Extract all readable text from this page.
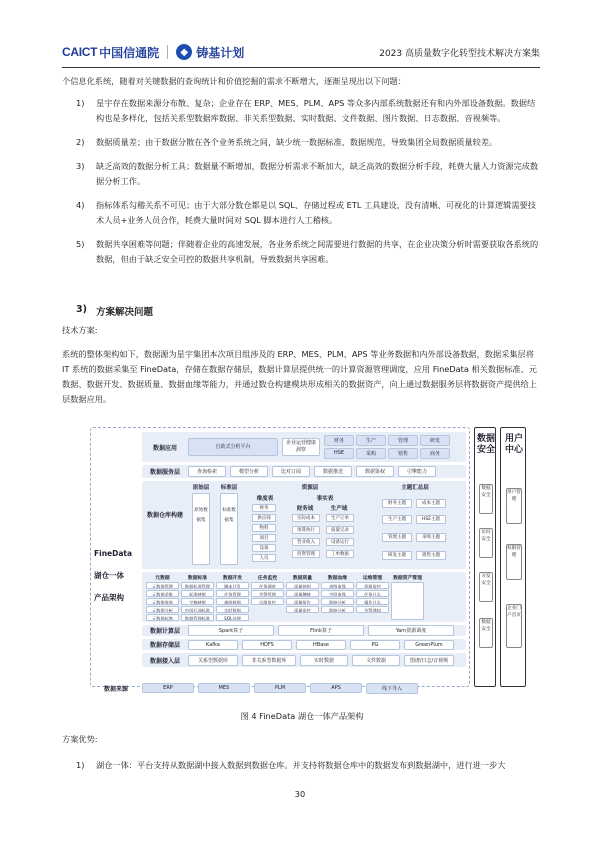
CAICT 中国信通院	◆ 铸基计划	2023 高质量数字化转型技术解决方案集
个信息化系统，随着对关键数据的查询统计和价值挖掘的需求不断增大，逐渐呈现出以下问题：
1)	星宇存在数据来源分布散、复杂；企业存在 ERP、MES、PLM、APS 等众多内部系统数据还有和内外部设备数据。数据结构也是多样化，包括关系型数据库数据、非关系型数据、实时数据、文件数据、图片数据、日志数据、音视频等。
2)	数据质量差；由于数据分散在各个业务系统之间，缺少统一数据标准、数据规范，导致集团全局数据质量较差。
3)	缺乏高效的数据分析工具；数据量不断增加，数据分析需求不断加大，缺乏高效的数据分析手段，耗费大量人力资源完成数据分析工作。
4)	指标体系勾稽关系不可见；由于大部分数仓都是以 SQL、存储过程或 ETL 工具建设，没有清晰、可视化的计算逻辑需要技术人员+业务人员合作，耗费大量时间对 SQL 脚本进行人工稽核。
5)	数据共享困难等问题；伴随着企业的高速发展，各业务系统之间需要进行数据的共享，在企业决策分析时需要获取各系统的数据，但由于缺乏安全可控的数据共享机制，导致数据共享困难。
3) 方案解决问题
技术方案:
系统的整体架构如下，数据源为星宇集团本次项目组涉及的 ERP、MES、PLM、APS 等业务数据和内外部设备数据，数据采集层将 IT 系统的数据采集至 FineData，存储在数据存储层，数据计算层提供统一的计算资源管理调度，应用 FineData 相关数据标准、元数据、数据开发、数据质量、数据血缘等能力，并通过数仓构建模块形成相关的数据资产，向上通过数据服务层将数据资产提供给上层数据应用。
FineData
湖仓一体
产品架构
数据应用	自助式分析平台
企业运营健康洞察
财务	生产	管理	研发
HSE	采购	销售	商务
数据服务层	查询检索	模型分析	比对订阅	数据推送	数据鉴权	引擎能力
数据仓库构建
原始层	标准层	资源层	主题汇总层
原始数据集
标准数据集
维度表
财务
供应商
物料
项目
设备
人员
事实表
财务域	生产域
实际成本
预算执行
营业收入
投资管理
生产订单
质量记录
设备运行
工单数据
财务主题	成本主题
生产主题	HSE主题
管理主题	采购主题
研发主题	销售主题
数据计算层	Spark算子	Flink算子	Yarn资源调度
数据存储层	Kafka	HDFS	HBase	PG	GreenPlum
数据接入层	关系型数据库	非关系型数据库	实时数据	文件数据	图谱/日志/音视频
数据安全
数据安全
访问安全
分发安全
数据安全
用户中心
用户管理
权限管理
企业门户首页
数据来源	ERP	MES	PLM	APS	线下导入
元数据
元数据管理
元数据采集
元数据查询
元数据分析
元数据标签
数据标准
数据标准管理
标准映射
字典映射
中国石油标准
数据管理标准
数据开发
脚本开发
任务管理
离线数据
实时数据
SQL处理
任务监控
任务调度
告警管理
运维监控
数据质量
质量规则
质量稽核
质量报告
质量监控
数据血缘
表级血缘
字段血缘
影响分析
影响分析
运维管理
资源监控
任务日志
操作日志
告警通知
数据资产管理
图 4 FineData 湖仓一体产品架构
方案优势:
1)	湖仓一体：平台支持从数据湖中接入数据到数据仓库。并支持将数据仓库中的数据发布到数据湖中，进行进一步大
30
